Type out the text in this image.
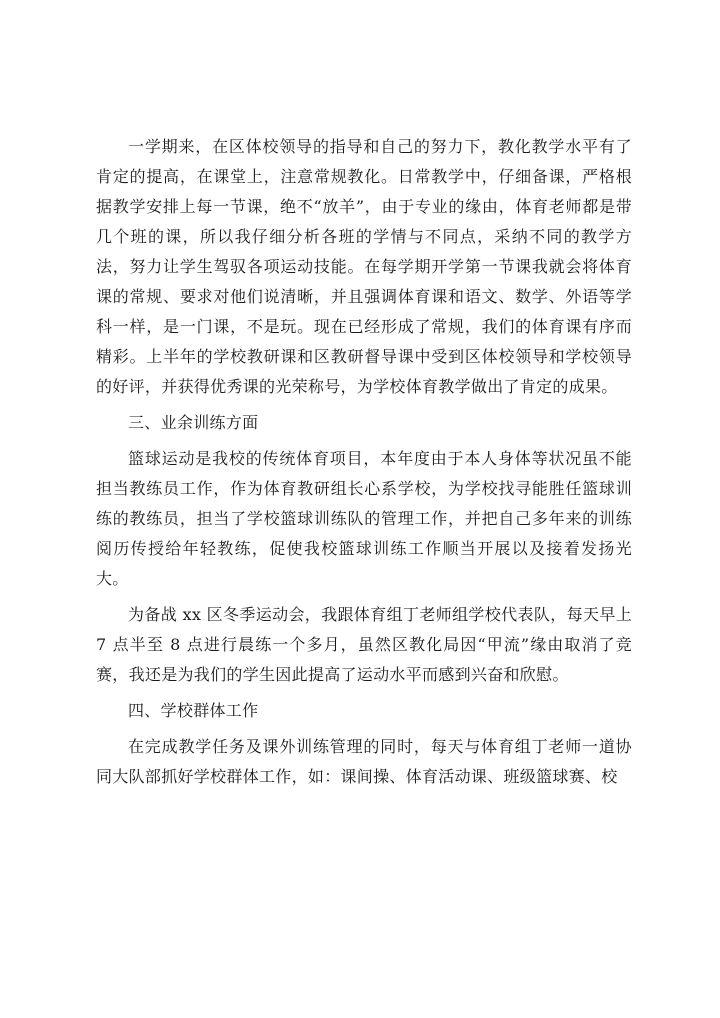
一学期来，在区体校领导的指导和自己的努力下，教化教学水平有了肯定的提高，在课堂上，注意常规教化。日常教学中，仔细备课，严格根据教学安排上每一节课，绝不“放羊”，由于专业的缘由，体育老师都是带几个班的课，所以我仔细分析各班的学情与不同点，采纳不同的教学方法，努力让学生驾驭各项运动技能。在每学期开学第一节课我就会将体育课的常规、要求对他们说清晰，并且强调体育课和语文、数学、外语等学科一样，是一门课，不是玩。现在已经形成了常规，我们的体育课有序而精彩。上半年的学校教研课和区教研督导课中受到区体校领导和学校领导的好评，并获得优秀课的光荣称号，为学校体育教学做出了肯定的成果。

三、业余训练方面

篮球运动是我校的传统体育项目，本年度由于本人身体等状况虽不能担当教练员工作，作为体育教研组长心系学校，为学校找寻能胜任篮球训练的教练员，担当了学校篮球训练队的管理工作，并把自己多年来的训练阅历传授给年轻教练，促使我校篮球训练工作顺当开展以及接着发扬光大。

为备战 xx 区冬季运动会，我跟体育组丁老师组学校代表队，每天早上 7 点半至 8 点进行晨练一个多月，虽然区教化局因“甲流”缘由取消了竞赛，我还是为我们的学生因此提高了运动水平而感到兴奋和欣慰。

四、学校群体工作

在完成教学任务及课外训练管理的同时，每天与体育组丁老师一道协同大队部抓好学校群体工作，如：课间操、体育活动课、班级篮球赛、校
